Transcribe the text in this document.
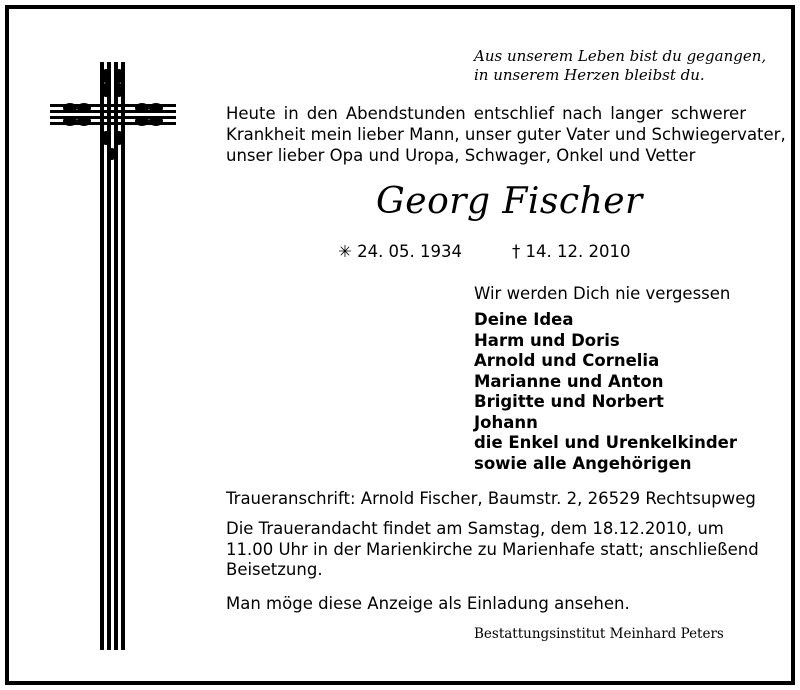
Aus unserem Leben bist du gegangen,
in unserem Herzen bleibst du.
Heute in den Abendstunden entschlief nach langer schwerer
Krankheit mein lieber Mann, unser guter Vater und Schwiegervater,
unser lieber Opa und Uropa, Schwager, Onkel und Vetter
Georg Fischer
✳ 24. 05. 1934	† 14. 12. 2010
Wir werden Dich nie vergessen
Deine Idea
Harm und Doris
Arnold und Cornelia
Marianne und Anton
Brigitte und Norbert
Johann
die Enkel und Urenkelkinder
sowie alle Angehörigen
Traueranschrift: Arnold Fischer, Baumstr. 2, 26529 Rechtsupweg
Die Trauerandacht findet am Samstag, dem 18.12.2010, um
11.00 Uhr in der Marienkirche zu Marienhafe statt; anschließend
Beisetzung.
Man möge diese Anzeige als Einladung ansehen.
Bestattungsinstitut Meinhard Peters
